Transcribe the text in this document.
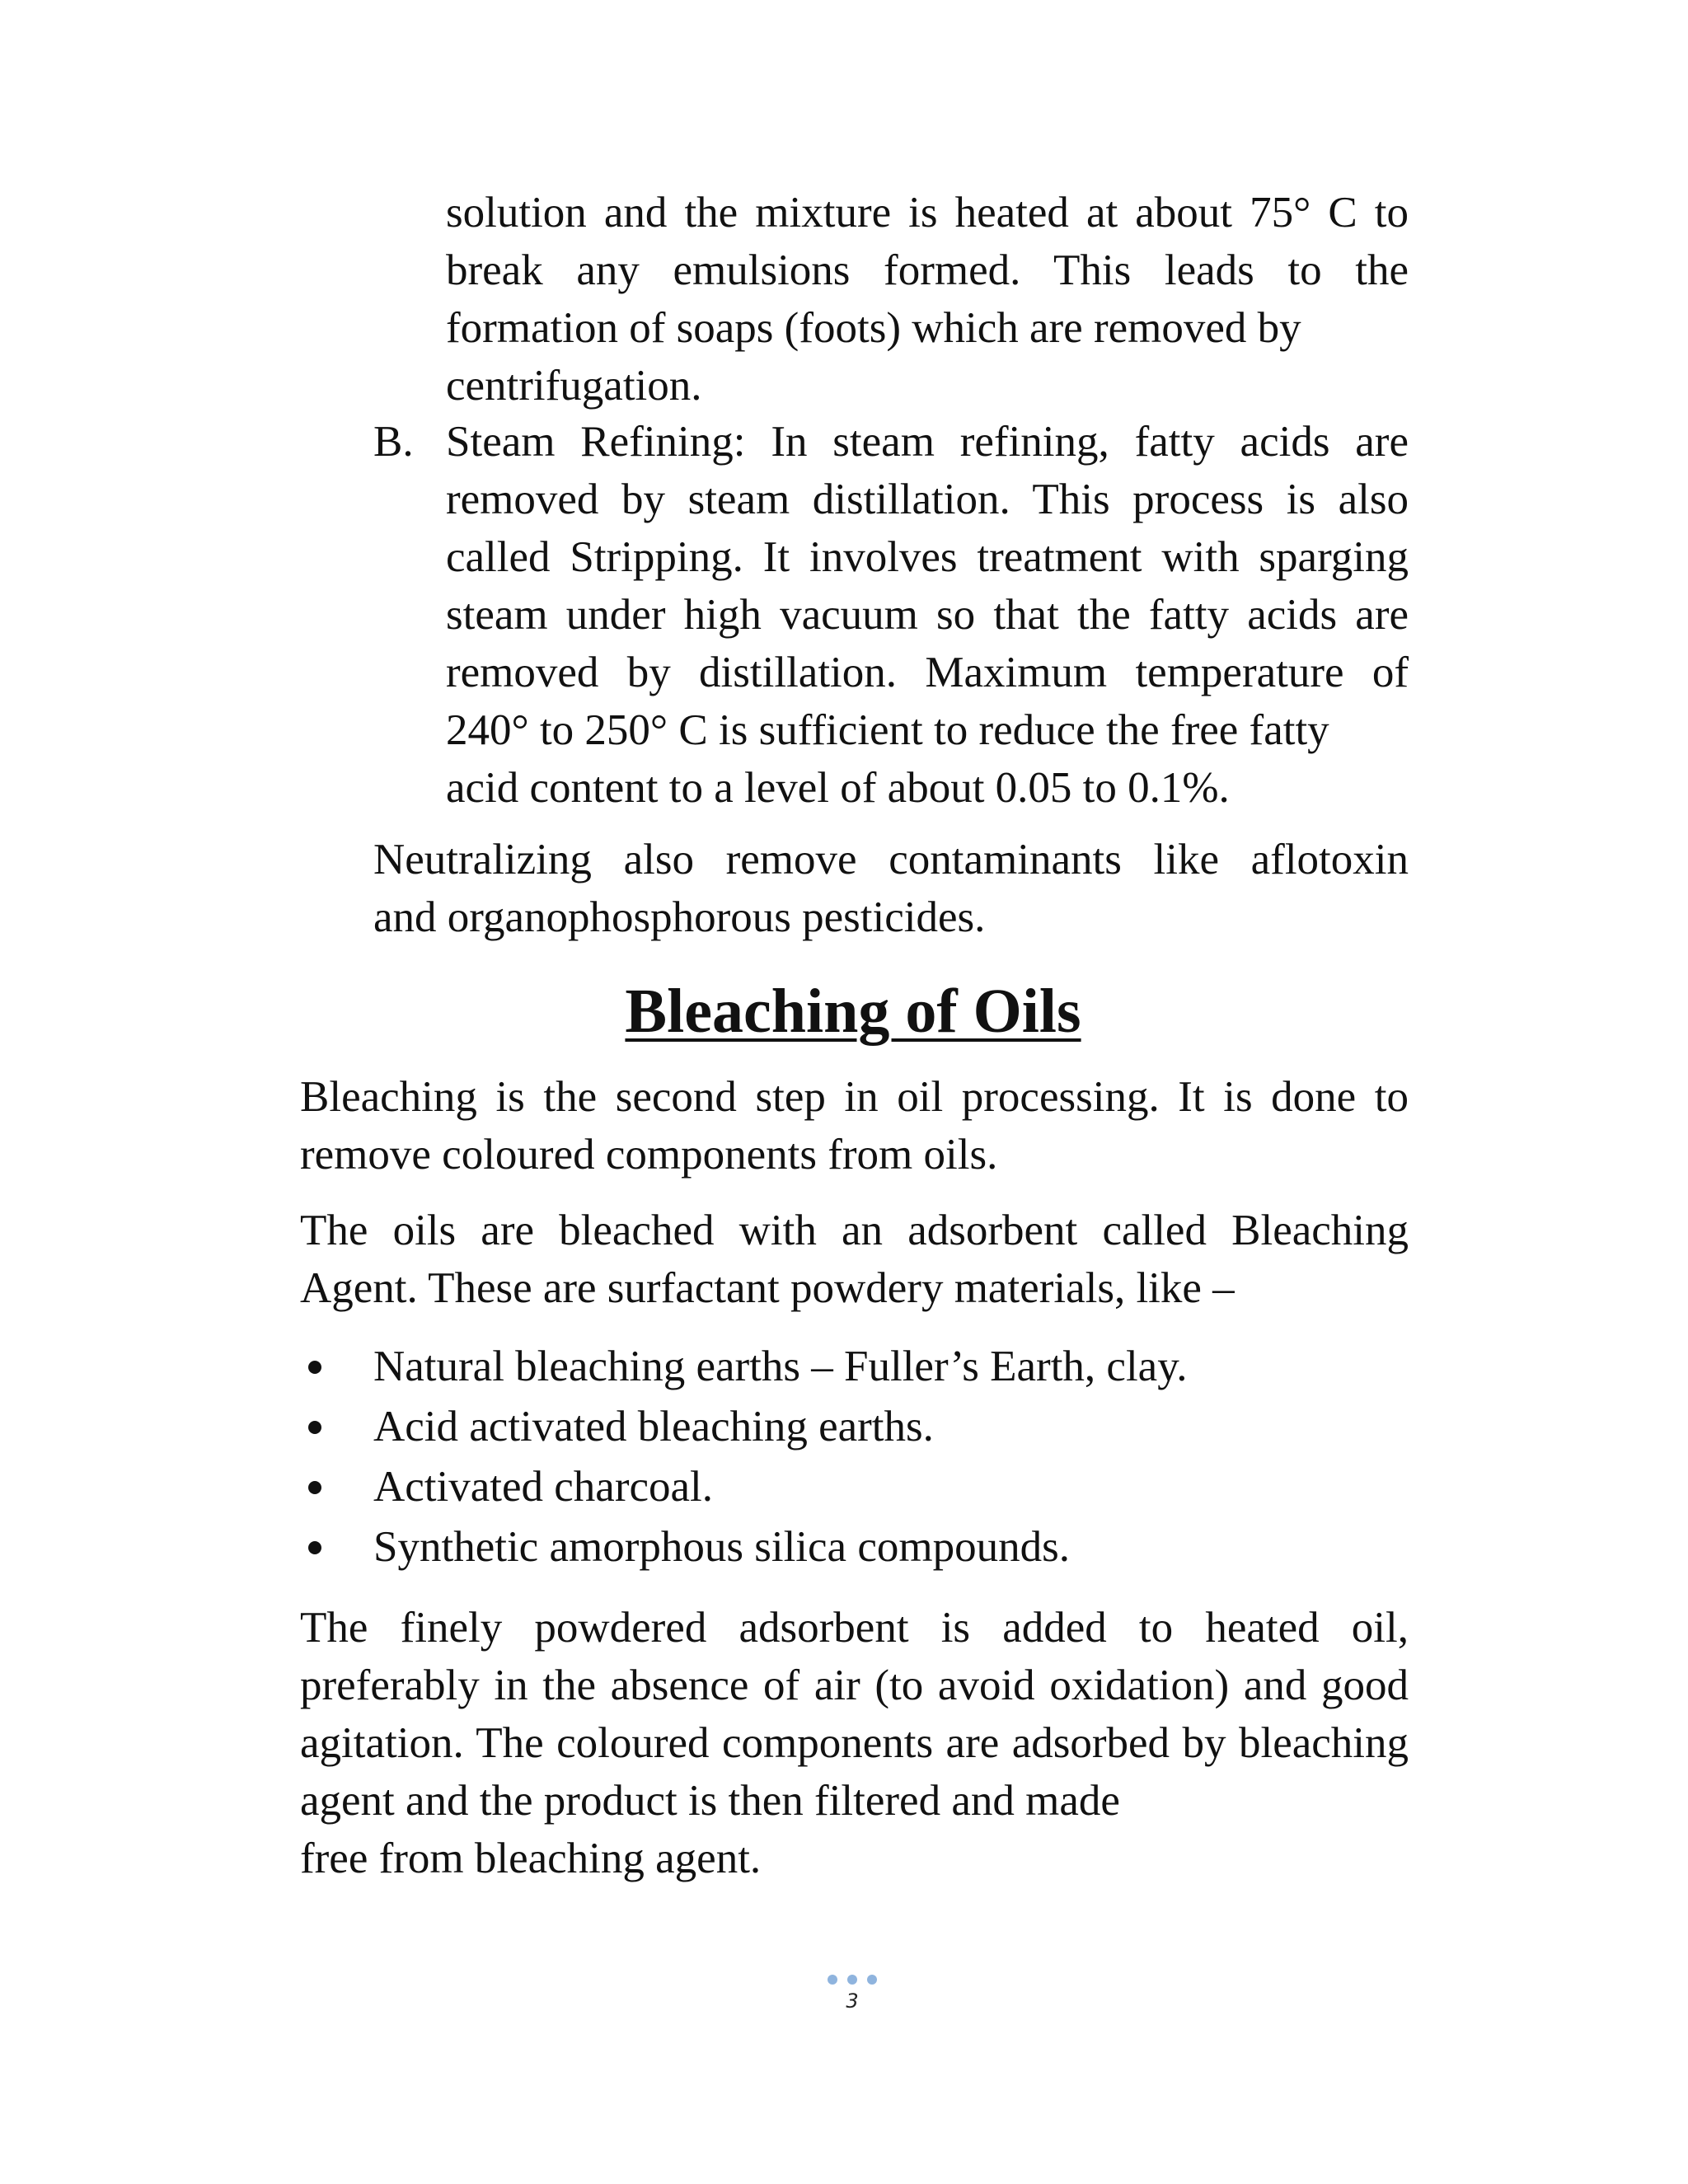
solution and the mixture is heated at about 75° C to break any emulsions formed. This leads to the formation of soaps (foots) which are removed by

centrifugation.

B. Steam Refining: In steam refining, fatty acids are removed by steam distillation. This process is also called Stripping. It involves treatment with sparging steam under high vacuum so that the fatty acids are removed by distillation. Maximum temperature of 240° to 250° C is sufficient to reduce the free fatty

acid content to a level of about 0.05 to 0.1%.

Neutralizing also remove contaminants like aflotoxin

and organophosphorous pesticides.

Bleaching of Oils

Bleaching is the second step in oil processing. It is done to

remove coloured components from oils.

The oils are bleached with an adsorbent called Bleaching

Agent. These are surfactant powdery materials, like –

Natural bleaching earths – Fuller’s Earth, clay.
Acid activated bleaching earths.
Activated charcoal.
Synthetic amorphous silica compounds.

The finely powdered adsorbent is added to heated oil, preferably in the absence of air (to avoid oxidation) and good agitation. The coloured components are adsorbed by bleaching agent and the product is then filtered and made

free from bleaching agent.

3
